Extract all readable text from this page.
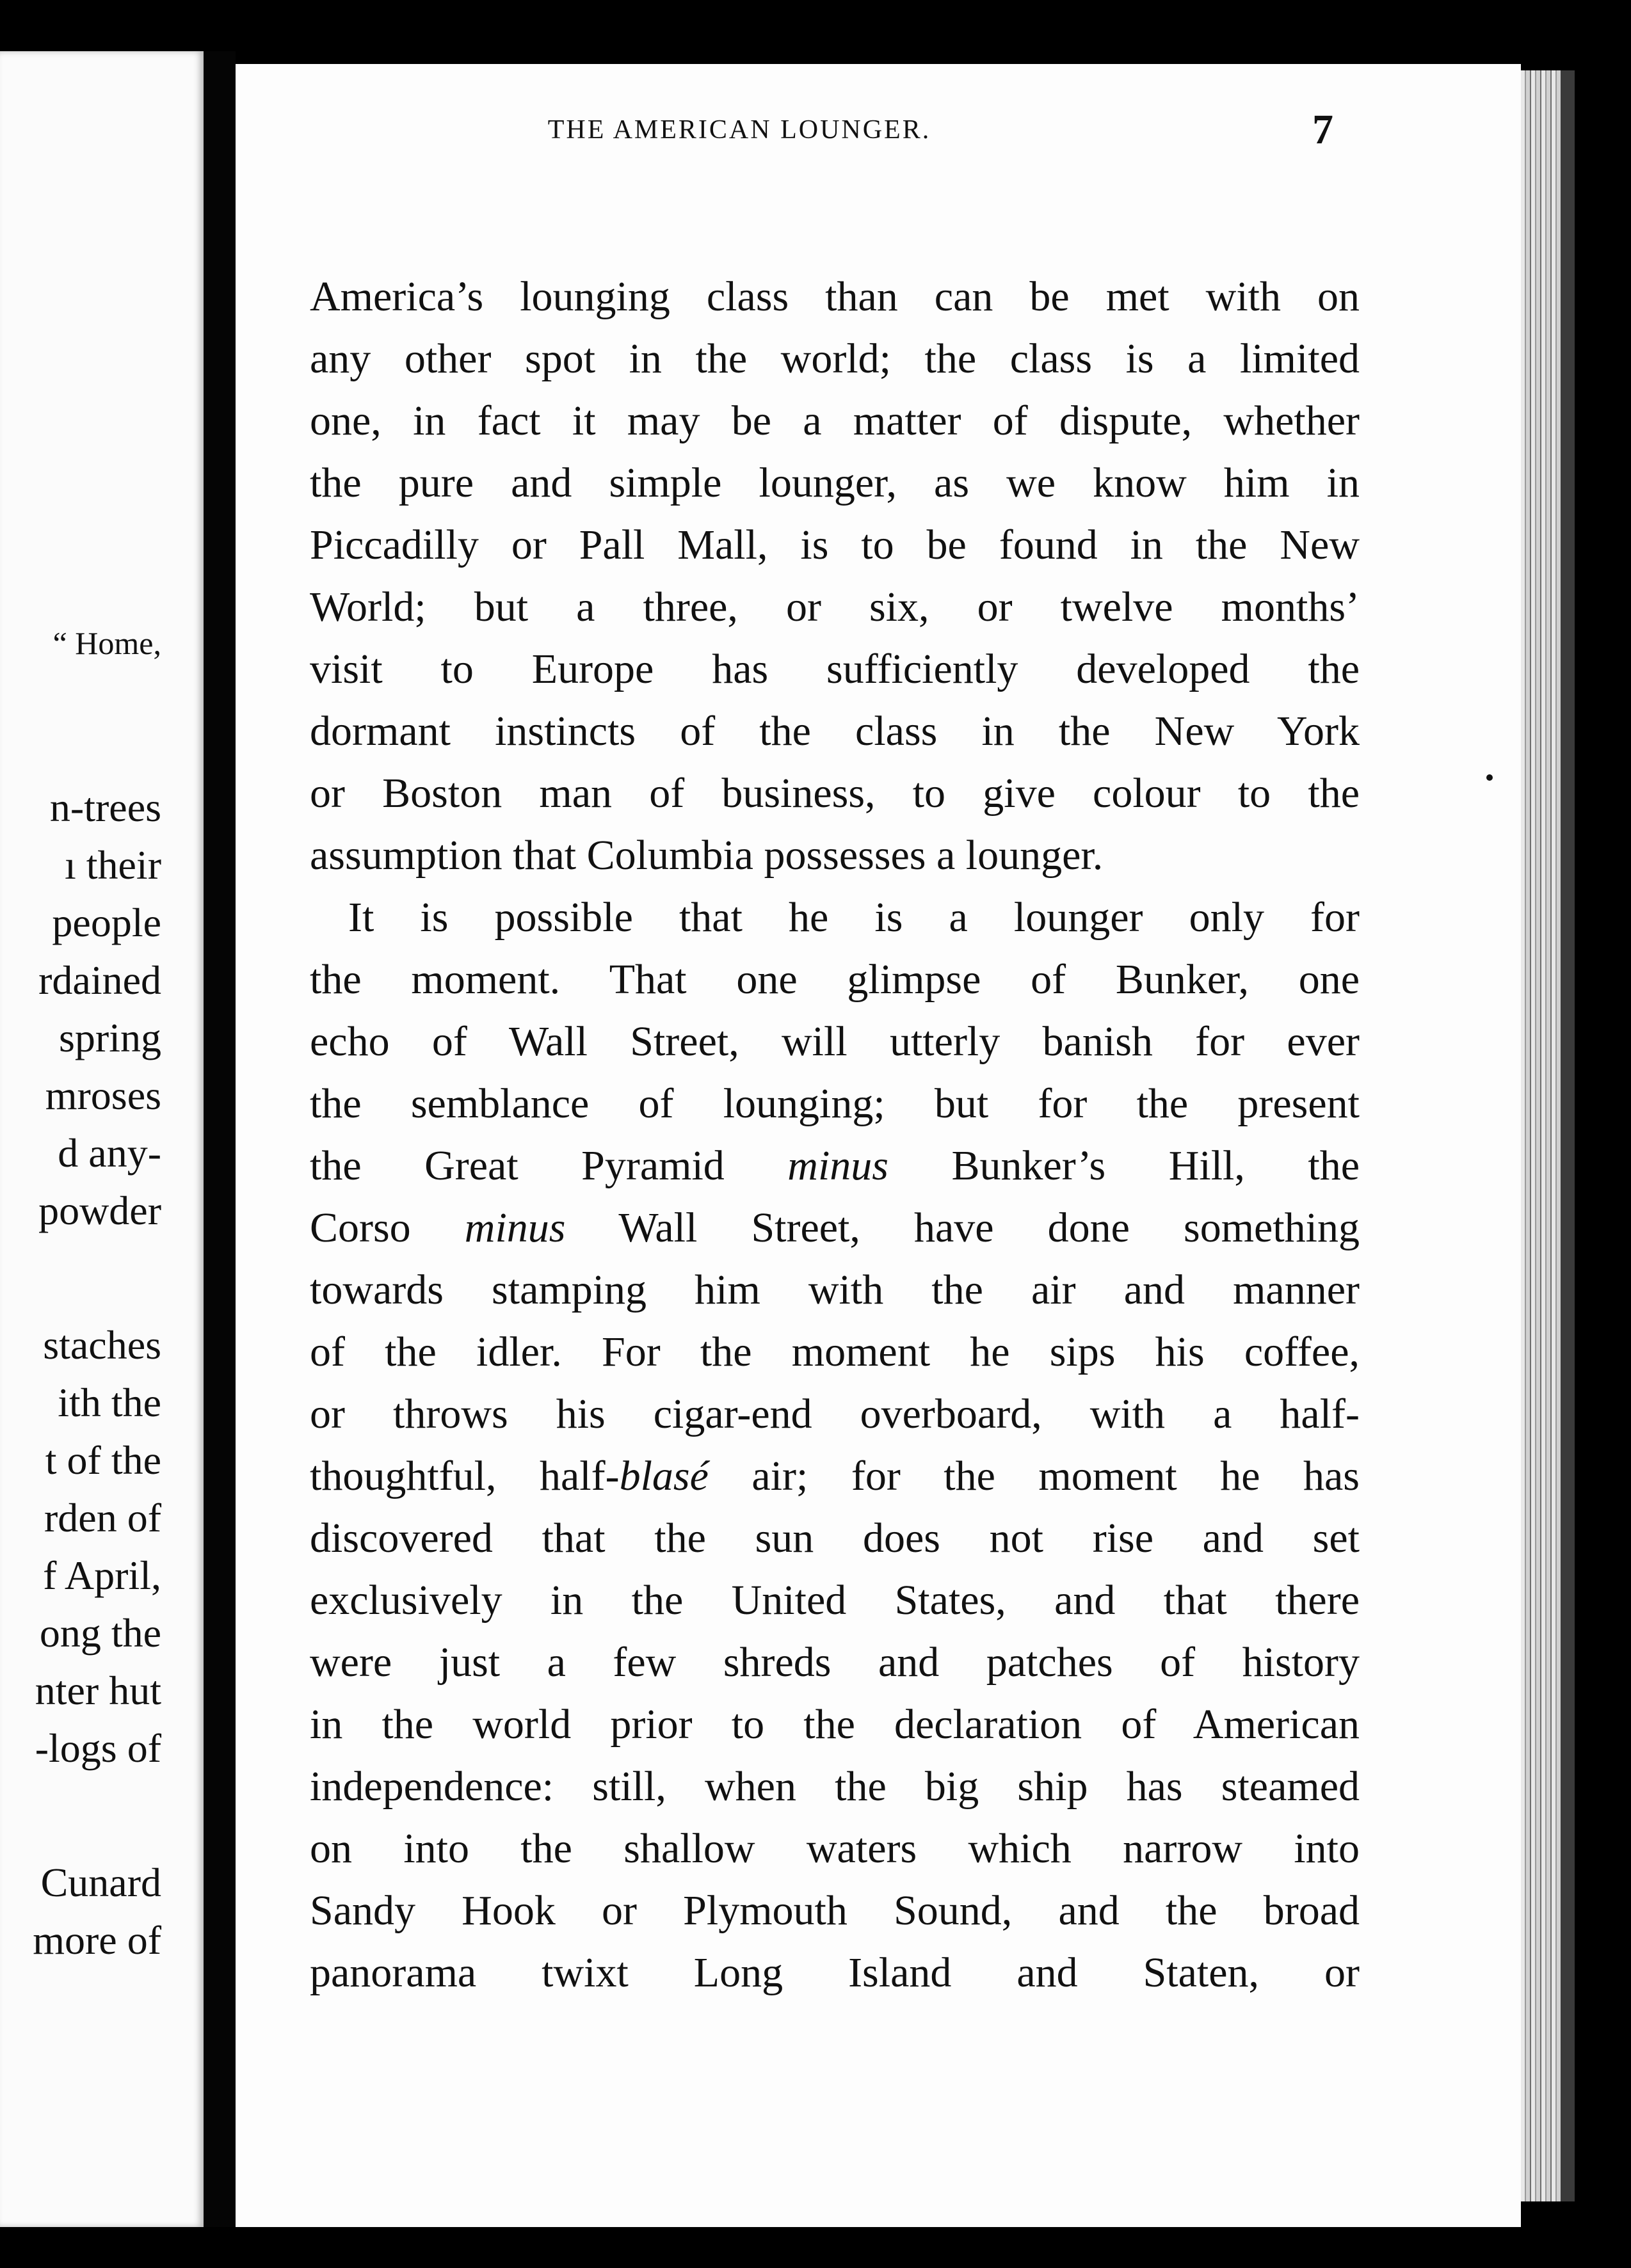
“ Home,
n-trees
ı their
people
rdained
spring
mroses
d any-
powder
staches
ith the
t of the
rden of
f April,
ong the
nter hut
-logs of
Cunard
more of
THE AMERICAN LOUNGER.	7
America’s lounging class than can be met with on
any other spot in the world; the class is a limited
one, in fact it may be a matter of dispute, whether
the pure and simple lounger, as we know him in
Piccadilly or Pall Mall, is to be found in the New
World; but a three, or six, or twelve months’
visit to Europe has sufficiently developed the
dormant instincts of the class in the New York
or Boston man of business, to give colour to the
assumption that Columbia possesses a lounger.
It is possible that he is a lounger only for
the moment. That one glimpse of Bunker, one
echo of Wall Street, will utterly banish for ever
the semblance of lounging; but for the present
the Great Pyramid minus Bunker’s Hill, the
Corso minus Wall Street, have done something
towards stamping him with the air and manner
of the idler. For the moment he sips his coffee,
or throws his cigar-end overboard, with a half-
thoughtful, half-blasé air; for the moment he has
discovered that the sun does not rise and set
exclusively in the United States, and that there
were just a few shreds and patches of history
in the world prior to the declaration of American
independence: still, when the big ship has steamed
on into the shallow waters which narrow into
Sandy Hook or Plymouth Sound, and the broad
panorama twixt Long Island and Staten, or
